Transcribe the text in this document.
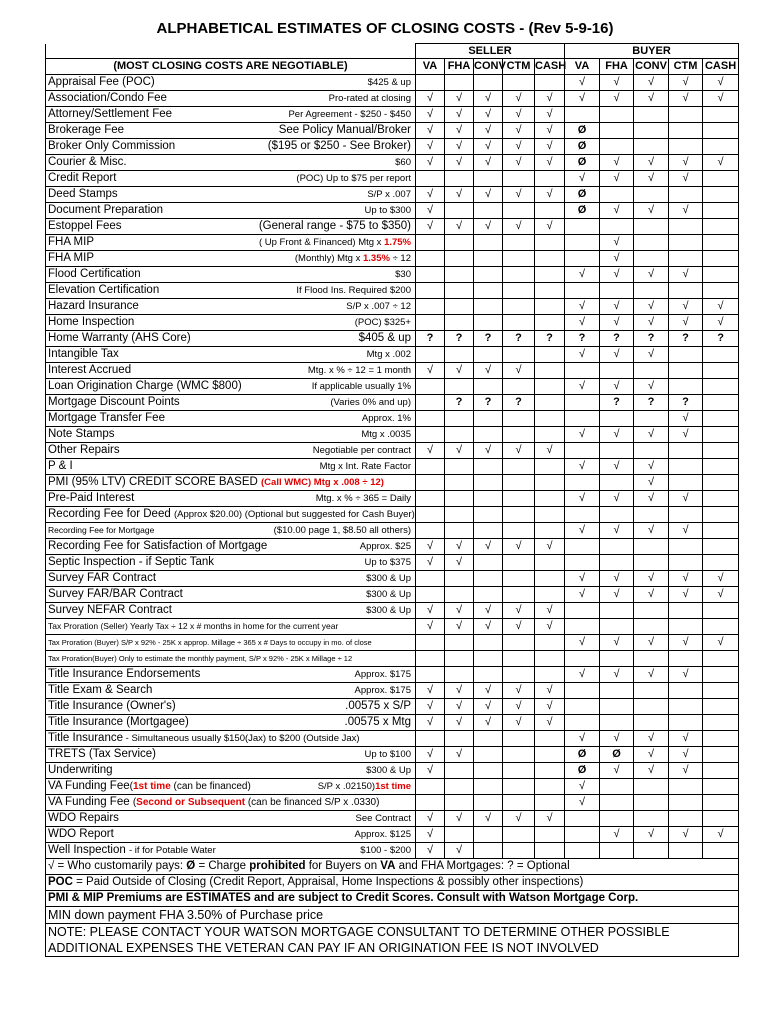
ALPHABETICAL ESTIMATES OF CLOSING COSTS - (Rev 5-9-16)
	SELLER					BUYER				
(MOST CLOSING COSTS ARE NEGOTIABLE)	VA	FHA	CONV	CTM	CASH	VA	FHA	CONV	CTM	CASH

Appraisal Fee (POC) $425 & up						√	√	√	√	√

Association/Condo Fee Pro-rated at closing	√	√	√	√	√	√	√	√	√	√

Attorney/Settlement Fee Per Agreement - $250 - $450	√	√	√	√	√					

Brokerage Fee See Policy Manual/Broker	√	√	√	√	√	Ø				

Broker Only Commission ($195 or $250 - See Broker)	√	√	√	√	√	Ø				

Courier & Misc. $60	√	√	√	√	√	Ø	√	√	√	√

Credit Report (POC) Up to $75 per report						√	√	√	√	

Deed Stamps S/P x .007	√	√	√	√	√	Ø				

Document Preparation Up to $300	√					Ø	√	√	√	

Estoppel Fees (General range - $75 to $350)	√	√	√	√	√					

FHA MIP ( Up Front & Financed) Mtg x 1.75%							√			

FHA MIP (Monthly) Mtg x 1.35% ÷ 12							√			

Flood Certification $30						√	√	√	√	

Elevation Certification If Flood Ins. Required $200										

Hazard Insurance S/P x .007 ÷ 12						√	√	√	√	√

Home Inspection (POC) $325+						√	√	√	√	√

Home Warranty (AHS Core) $405 & up	?	?	?	?	?	?	?	?	?	?

Intangible Tax Mtg x .002						√	√	√		

Interest Accrued Mtg. x % ÷ 12 = 1 month	√	√	√	√						

Loan Origination Charge (WMC $800) If applicable usually 1%						√	√	√		

Mortgage Discount Points (Varies 0% and up)		?	?	?			?	?	?	

Mortgage Transfer Fee Approx. 1%									√	

Note Stamps Mtg x .0035						√	√	√	√	

Other Repairs Negotiable per contract	√	√	√	√	√					

P & I Mtg x Int. Rate Factor						√	√	√		

PMI (95% LTV) CREDIT SCORE BASED (Call WMC) Mtg x .008 ÷ 12)								√		

Pre-Paid Interest Mtg. x % ÷ 365 = Daily						√	√	√	√	

Recording Fee for Deed (Approx $20.00) (Optional but suggested for Cash Buyer)										

Recording Fee for Mortgage ($10.00 page 1, $8.50 all others)						√	√	√	√	

Recording Fee for Satisfaction of Mortgage Approx. $25	√	√	√	√	√					

Septic Inspection - if Septic Tank Up to $375	√	√								

Survey FAR Contract $300 & Up						√	√	√	√	√

Survey FAR/BAR Contract $300 & Up						√	√	√	√	√

Survey NEFAR Contract $300 & Up	√	√	√	√	√					

Tax Proration (Seller) Yearly Tax ÷ 12 x # months in home for the current year	√	√	√	√	√					

Tax Proration (Buyer) S/P x 92% - 25K x approp. Millage ÷ 365 x # Days to occupy in mo. of close						√	√	√	√	√

Tax Proration(Buyer) Only to estimate the monthly payment, S/P x 92% - 25K x Millage ÷ 12										

Title Insurance Endorsements Approx. $175						√	√	√	√	

Title Exam & Search Approx. $175	√	√	√	√	√					

Title Insurance (Owner's) .00575 x S/P	√	√	√	√	√					

Title Insurance (Mortgagee) .00575 x Mtg	√	√	√	√	√					

Title Insurance - Simultaneous usually $150(Jax) to $200 (Outside Jax)						√	√	√	√	

TRETS (Tax Service) Up to $100	√	√				Ø	Ø	√	√	

Underwriting $300 & Up	√					Ø	√	√	√	

VA Funding Fee(1st time (can be financed) S/P x .02150)1st time						√				

VA Funding Fee (Second or Subsequent (can be financed S/P x .0330)						√				

WDO Repairs See Contract	√	√	√	√	√					

WDO Report Approx. $125	√						√	√	√	√

Well Inspection - if for Potable Water $100 - $200	√	√								
√ = Who customarily pays: Ø = Charge prohibited for Buyers on VA and FHA Mortgages: ? = Optional										
POC = Paid Outside of Closing (Credit Report, Appraisal, Home Inspections & possibly other inspections)										
PMI & MIP Premiums are ESTIMATES and are subject to Credit Scores. Consult with Watson Mortgage Corp.										
MIN down payment FHA 3.50% of Purchase price										

NOTE: PLEASE CONTACT YOUR WATSON MORTGAGE CONSULTANT TO DETERMINE OTHER POSSIBLE
ADDITIONAL EXPENSES THE VETERAN CAN PAY IF AN ORIGINATION FEE IS NOT INVOLVED										
